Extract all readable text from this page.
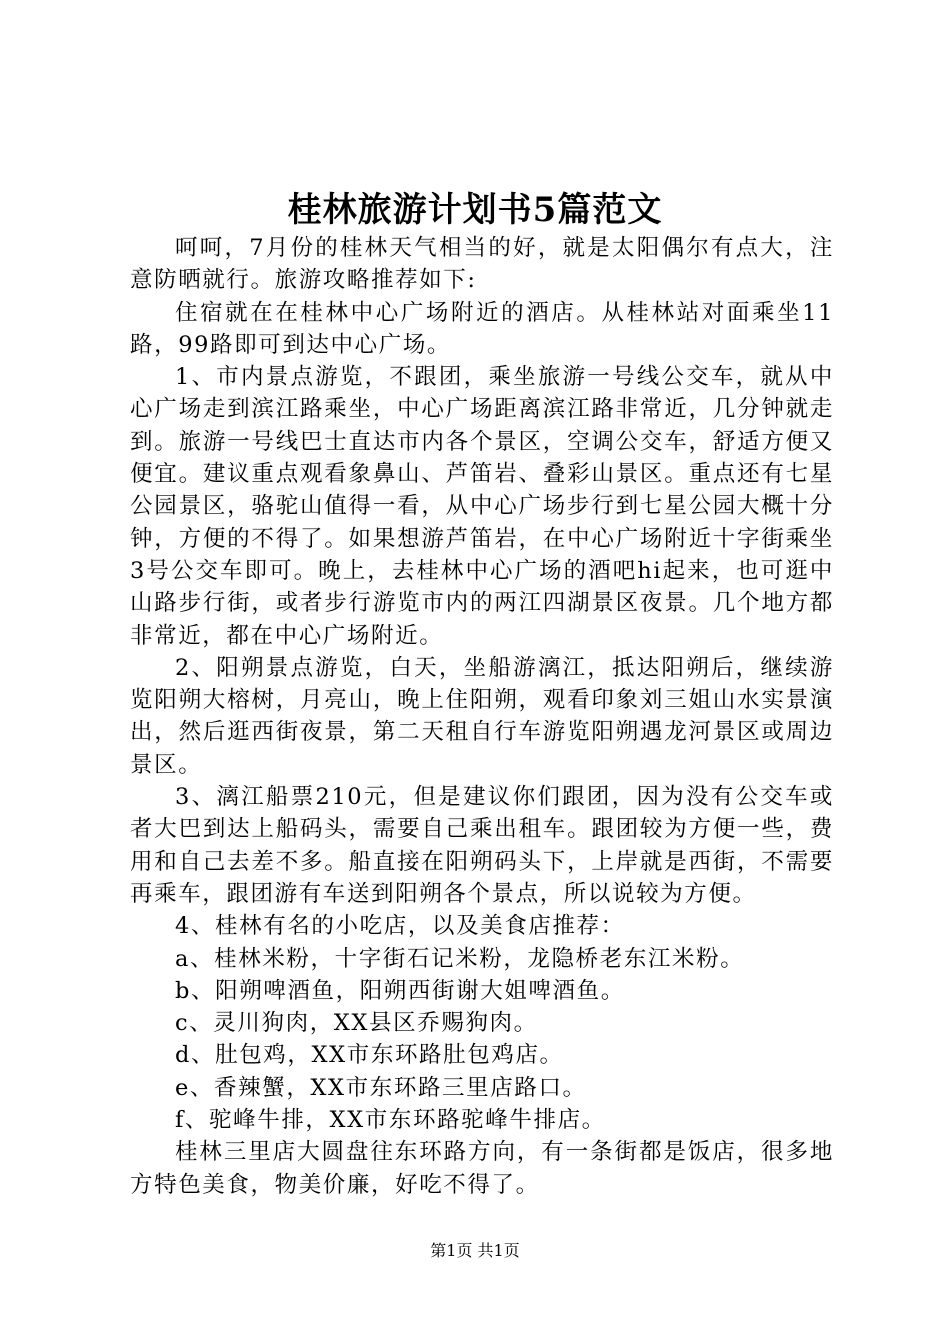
桂林旅游计划书5篇范文

呵呵，7月份的桂林天气相当的好，就是太阳偶尔有点大，注意防晒就行。旅游攻略推荐如下:

住宿就在在桂林中心广场附近的酒店。从桂林站对面乘坐11路，99路即可到达中心广场。

1、市内景点游览，不跟团，乘坐旅游一号线公交车，就从中心广场走到滨江路乘坐，中心广场距离滨江路非常近，几分钟就走到。旅游一号线巴士直达市内各个景区，空调公交车，舒适方便又便宜。建议重点观看象鼻山、芦笛岩、叠彩山景区。重点还有七星公园景区，骆驼山值得一看，从中心广场步行到七星公园大概十分钟，方便的不得了。如果想游芦笛岩，在中心广场附近十字街乘坐3号公交车即可。晚上，去桂林中心广场的酒吧hi起来，也可逛中山路步行街，或者步行游览市内的两江四湖景区夜景。几个地方都非常近，都在中心广场附近。

2、阳朔景点游览，白天，坐船游漓江，抵达阳朔后，继续游览阳朔大榕树，月亮山，晚上住阳朔，观看印象刘三姐山水实景演出，然后逛西街夜景，第二天租自行车游览阳朔遇龙河景区或周边景区。

3、漓江船票210元，但是建议你们跟团，因为没有公交车或者大巴到达上船码头，需要自己乘出租车。跟团较为方便一些，费用和自己去差不多。船直接在阳朔码头下，上岸就是西街，不需要再乘车，跟团游有车送到阳朔各个景点，所以说较为方便。

4、桂林有名的小吃店，以及美食店推荐：

a、桂林米粉，十字街石记米粉，龙隐桥老东江米粉。

b、阳朔啤酒鱼，阳朔西街谢大姐啤酒鱼。

c、灵川狗肉，XX县区乔赐狗肉。

d、肚包鸡，XX市东环路肚包鸡店。

e、香辣蟹，XX市东环路三里店路口。

f、驼峰牛排，XX市东环路驼峰牛排店。

桂林三里店大圆盘往东环路方向，有一条街都是饭店，很多地方特色美食，物美价廉，好吃不得了。

第1页 共1页
